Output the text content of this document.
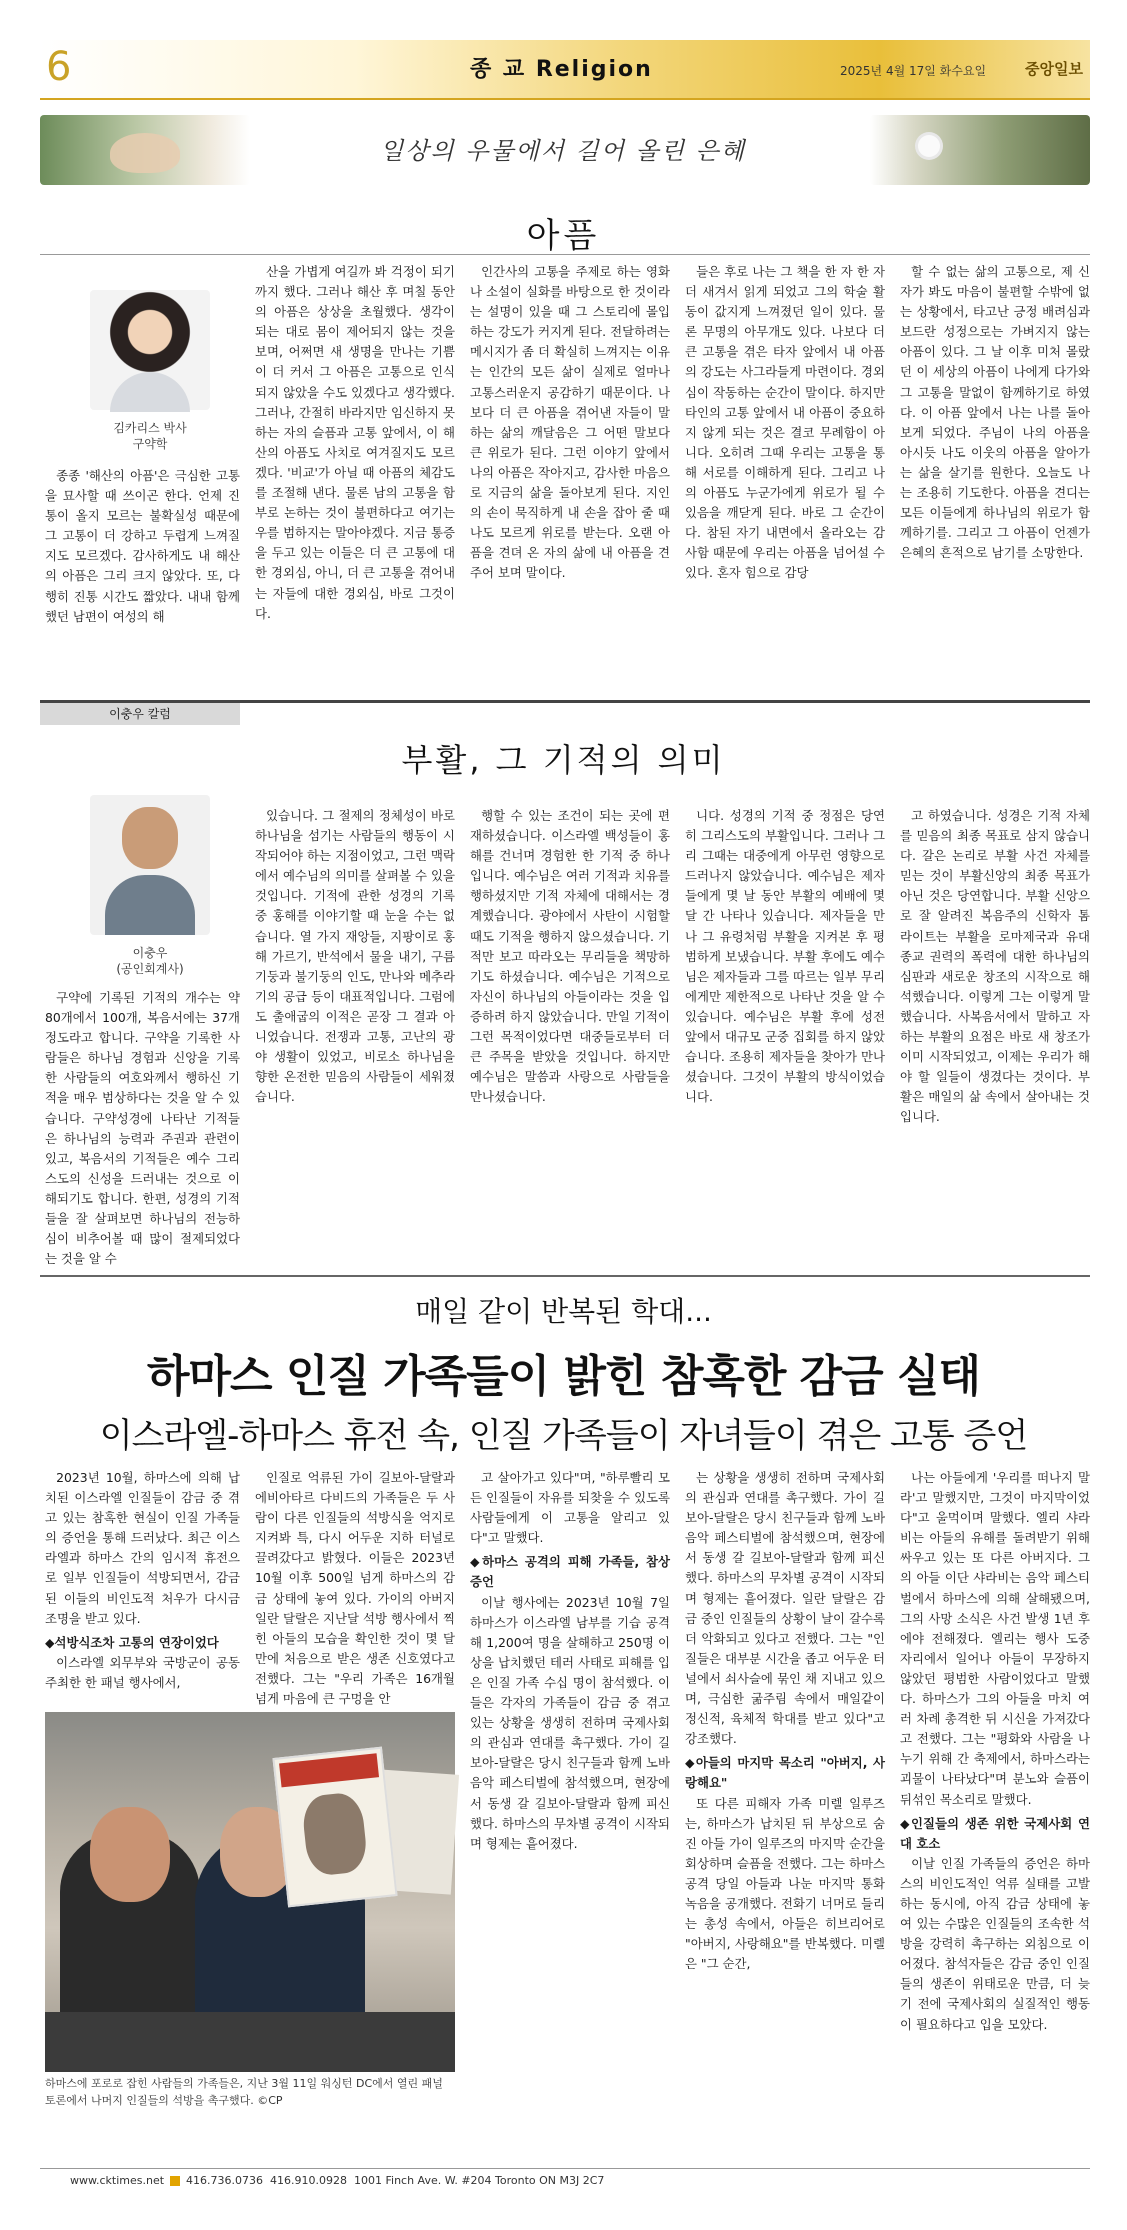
6	종 교 Religion	2025년 4월 17일 화수요일	중앙일보
일상의 우물에서 길어 올린 은혜
아픔
김카리스 박사
구약학

종종 '해산의 아픔'은 극심한 고통을 묘사할 때 쓰이곤 한다. 언제 진통이 올지 모르는 불확실성 때문에 그 고통이 더 강하고 두렵게 느껴질지도 모르겠다. 감사하게도 내 해산의 아픔은 그리 크지 않았다. 또, 다행히 진통 시간도 짧았다. 내내 함께했던 남편이 여성의 해

산을 가볍게 여길까 봐 걱정이 되기까지 했다. 그러나 해산 후 며칠 동안의 아픔은 상상을 초월했다. 생각이 되는 대로 몸이 제어되지 않는 것을 보며, 어쩌면 새 생명을 만나는 기쁨이 더 커서 그 아픔은 고통으로 인식되지 않았을 수도 있겠다고 생각했다. 그러나, 간절히 바라지만 임신하지 못하는 자의 슬픔과 고통 앞에서, 이 해산의 아픔도 사치로 여겨질지도 모르겠다. '비교'가 아닐 때 아픔의 체감도를 조절해 낸다. 물론 남의 고통을 함부로 논하는 것이 불편하다고 여기는 우를 범하지는 말아야겠다. 지금 통증을 두고 있는 이들은 더 큰 고통에 대한 경외심, 아니, 더 큰 고통을 겪어내는 자들에 대한 경외심, 바로 그것이다.

인간사의 고통을 주제로 하는 영화나 소설이 실화를 바탕으로 한 것이라는 설명이 있을 때 그 스토리에 몰입하는 강도가 커지게 된다. 전달하려는 메시지가 좀 더 확실히 느껴지는 이유는 인간의 모든 삶이 실제로 얼마나 고통스러운지 공감하기 때문이다. 나보다 더 큰 아픔을 겪어낸 자들이 말하는 삶의 깨달음은 그 어떤 말보다 큰 위로가 된다. 그런 이야기 앞에서 나의 아픔은 작아지고, 감사한 마음으로 지금의 삶을 돌아보게 된다. 지인의 손이 묵직하게 내 손을 잡아 줄 때 나도 모르게 위로를 받는다. 오랜 아픔을 견뎌 온 자의 삶에 내 아픔을 견주어 보며 말이다.

들은 후로 나는 그 책을 한 자 한 자 더 새겨서 읽게 되었고 그의 학술 활동이 값지게 느껴졌던 일이 있다. 물론 무명의 아무개도 있다. 나보다 더 큰 고통을 겪은 타자 앞에서 내 아픔의 강도는 사그라들게 마련이다. 경외심이 작동하는 순간이 말이다. 하지만 타인의 고통 앞에서 내 아픔이 중요하지 않게 되는 것은 결코 무례함이 아니다. 오히려 그때 우리는 고통을 통해 서로를 이해하게 된다. 그리고 나의 아픔도 누군가에게 위로가 될 수 있음을 깨닫게 된다. 바로 그 순간이다. 참된 자기 내면에서 올라오는 감사함 때문에 우리는 아픔을 넘어설 수 있다. 혼자 힘으로 감당

할 수 없는 삶의 고통으로, 제 신자가 봐도 마음이 불편할 수밖에 없는 상황에서, 타고난 긍정 배려심과 보드란 성정으로는 가벼지지 않는 아픔이 있다. 그 날 이후 미처 몰랐던 이 세상의 아픔이 나에게 다가와 그 고통을 말없이 함께하기로 하였다. 이 아픔 앞에서 나는 나를 돌아보게 되었다. 주님이 나의 아픔을 아시듯 나도 이웃의 아픔을 알아가는 삶을 살기를 원한다. 오늘도 나는 조용히 기도한다. 아픔을 견디는 모든 이들에게 하나님의 위로가 함께하기를. 그리고 그 아픔이 언젠가 은혜의 흔적으로 남기를 소망한다.

이충우 칼럼
부활, 그 기적의 의미
이충우
(공인회계사)

구약에 기록된 기적의 개수는 약 80개에서 100개, 복음서에는 37개 정도라고 합니다. 구약을 기록한 사람들은 하나님 경험과 신앙을 기록한 사람들의 여호와께서 행하신 기적을 매우 범상하다는 것을 알 수 있습니다. 구약성경에 나타난 기적들은 하나님의 능력과 주권과 관련이 있고, 복음서의 기적들은 예수 그리스도의 신성을 드러내는 것으로 이해되기도 합니다. 한편, 성경의 기적들을 잘 살펴보면 하나님의 전능하심이 비추어볼 때 많이 절제되었다는 것을 알 수

있습니다. 그 절제의 정체성이 바로 하나님을 섬기는 사람들의 행동이 시작되어야 하는 지점이었고, 그런 맥락에서 예수님의 의미를 살펴볼 수 있을 것입니다. 기적에 관한 성경의 기록 중 홍해를 이야기할 때 눈을 수는 없습니다. 열 가지 재앙들, 지팡이로 홍해 가르기, 반석에서 물을 내기, 구름기둥과 불기둥의 인도, 만나와 메추라기의 공급 등이 대표적입니다. 그럼에도 출애굽의 이적은 곧장 그 결과 아니었습니다. 전쟁과 고통, 고난의 광야 생활이 있었고, 비로소 하나님을 향한 온전한 믿음의 사람들이 세워졌습니다.

행할 수 있는 조건이 되는 곳에 편재하셨습니다. 이스라엘 백성들이 홍해를 건너며 경험한 한 기적 중 하나입니다. 예수님은 여러 기적과 치유를 행하셨지만 기적 자체에 대해서는 경계했습니다. 광야에서 사탄이 시험할 때도 기적을 행하지 않으셨습니다. 기적만 보고 따라오는 무리들을 책망하기도 하셨습니다. 예수님은 기적으로 자신이 하나님의 아들이라는 것을 입증하려 하지 않았습니다. 만일 기적이 그런 목적이었다면 대중들로부터 더 큰 주목을 받았을 것입니다. 하지만 예수님은 말씀과 사랑으로 사람들을 만나셨습니다.

니다. 성경의 기적 중 정점은 당연히 그리스도의 부활입니다. 그러나 그리 그때는 대중에게 아무런 영향으로 드러나지 않았습니다. 예수님은 제자들에게 몇 날 동안 부활의 예배에 몇 달 간 나타나 있습니다. 제자들을 만나 그 유령처럼 부활을 지켜본 후 평범하게 보냈습니다. 부활 후에도 예수님은 제자들과 그를 따르는 일부 무리에게만 제한적으로 나타난 것을 알 수 있습니다. 예수님은 부활 후에 성전 앞에서 대규모 군중 집회를 하지 않았습니다. 조용히 제자들을 찾아가 만나셨습니다. 그것이 부활의 방식이었습니다.

고 하였습니다. 성경은 기적 자체를 믿음의 최종 목표로 삼지 않습니다. 갈은 논리로 부활 사건 자체를 믿는 것이 부활신앙의 최종 목표가 아닌 것은 당연합니다. 부활 신앙으로 잘 알려진 복음주의 신학자 톰 라이트는 부활을 로마제국과 유대종교 권력의 폭력에 대한 하나님의 심판과 새로운 창조의 시작으로 해석했습니다. 이렇게 그는 이렇게 말했습니다. 사복음서에서 말하고 자 하는 부활의 요점은 바로 새 창조가 이미 시작되었고, 이제는 우리가 해야 할 일들이 생겼다는 것이다. 부활은 매일의 삶 속에서 살아내는 것입니다.

매일 같이 반복된 학대...
하마스 인질 가족들이 밝힌 참혹한 감금 실태
이스라엘-하마스 휴전 속, 인질 가족들이 자녀들이 겪은 고통 증언

2023년 10월, 하마스에 의해 납치된 이스라엘 인질들이 감금 중 겪고 있는 참혹한 현실이 인질 가족들의 증언을 통해 드러났다. 최근 이스라엘과 하마스 간의 임시적 휴전으로 일부 인질들이 석방되면서, 감금된 이들의 비인도적 처우가 다시금 조명을 받고 있다.

◆석방식조차 고통의 연장이었다

이스라엘 외무부와 국방군이 공동 주최한 한 패널 행사에서,

인질로 억류된 가이 길보아-달랄과 에비아타르 다비드의 가족들은 두 사람이 다른 인질들의 석방식을 억지로 지켜봐 특, 다시 어두운 지하 터널로 끌려갔다고 밝혔다. 이들은 2023년 10월 이후 500일 넘게 하마스의 감금 상태에 놓여 있다. 가이의 아버지 일란 달랄은 지난달 석방 행사에서 찍힌 아들의 모습을 확인한 것이 몇 달 만에 처음으로 받은 생존 신호였다고 전했다. 그는 "우리 가족은 16개월 넘게 마음에 큰 구멍을 안

고 살아가고 있다"며, "하루빨리 모든 인질들이 자유를 되찾을 수 있도록 사람들에게 이 고통을 알리고 있다"고 말했다.

◆하마스 공격의 피해 가족들, 참상 증언

이날 행사에는 2023년 10월 7일 하마스가 이스라엘 남부를 기습 공격해 1,200여 명을 살해하고 250명 이상을 납치했던 테러 사태로 피해를 입은 인질 가족 수십 명이 참석했다. 이들은 각자의 가족들이 감금 중 겪고 있는 상황을 생생히 전하며 국제사회의 관심과 연대를 촉구했다. 가이 길보아-달랄은 당시 친구들과 함께 노바 음악 페스티벌에 참석했으며, 현장에서 동생 갈 길보아-달랄과 함께 피신했다. 하마스의 무차별 공격이 시작되며 형제는 흩어졌다.

는 상황을 생생히 전하며 국제사회의 관심과 연대를 촉구했다. 가이 길보아-달랄은 당시 친구들과 함께 노바 음악 페스티벌에 참석했으며, 현장에서 동생 갈 길보아-달랄과 함께 피신했다. 하마스의 무차별 공격이 시작되며 형제는 흩어졌다. 일란 달랄은 감금 중인 인질들의 상황이 날이 갈수록 더 악화되고 있다고 전했다. 그는 "인질들은 대부분 시간을 좁고 어두운 터널에서 쇠사슬에 묶인 채 지내고 있으며, 극심한 굶주림 속에서 매일같이 정신적, 육체적 학대를 받고 있다"고 강조했다.

◆아들의 마지막 목소리 "아버지, 사랑해요"

또 다른 피해자 가족 미렐 일루즈는, 하마스가 납치된 뒤 부상으로 숨진 아들 가이 일루즈의 마지막 순간을 회상하며 슬픔을 전했다. 그는 하마스 공격 당일 아들과 나눈 마지막 통화 녹음을 공개했다. 전화기 너머로 들리는 총성 속에서, 아들은 히브리어로 "아버지, 사랑해요"를 반복했다. 미렐은 "그 순간,

나는 아들에게 '우리를 떠나지 말라'고 말했지만, 그것이 마지막이었다"고 울먹이며 말했다. 엘리 샤라비는 아들의 유해를 돌려받기 위해 싸우고 있는 또 다른 아버지다. 그의 아들 이단 샤라비는 음악 페스티벌에서 하마스에 의해 살해됐으며, 그의 사망 소식은 사건 발생 1년 후에야 전해졌다. 엘리는 행사 도중 자리에서 일어나 아들이 무장하지 않았던 평범한 사람이었다고 말했다. 하마스가 그의 아들을 마치 여러 차례 총격한 뒤 시신을 가져갔다고 전했다. 그는 "평화와 사람을 나누기 위해 간 축제에서, 하마스라는 괴물이 나타났다"며 분노와 슬픔이 뒤섞인 목소리로 말했다.

◆인질들의 생존 위한 국제사회 연대 호소

이날 인질 가족들의 증언은 하마스의 비인도적인 억류 실태를 고발하는 동시에, 아직 감금 상태에 놓여 있는 수많은 인질들의 조속한 석방을 강력히 촉구하는 외침으로 이어졌다. 참석자들은 감금 중인 인질들의 생존이 위태로운 만큼, 더 늦기 전에 국제사회의 실질적인 행동이 필요하다고 입을 모았다.

하마스에 포로로 잡힌 사람들의 가족들은, 지난 3월 11일 워싱턴 DC에서 열린 패널 토론에서 나머지 인질들의 석방을 촉구했다. ©CP
www.cktimes.net 416.736.0736 416.910.0928 1001 Finch Ave. W. #204 Toronto ON M3J 2C7
